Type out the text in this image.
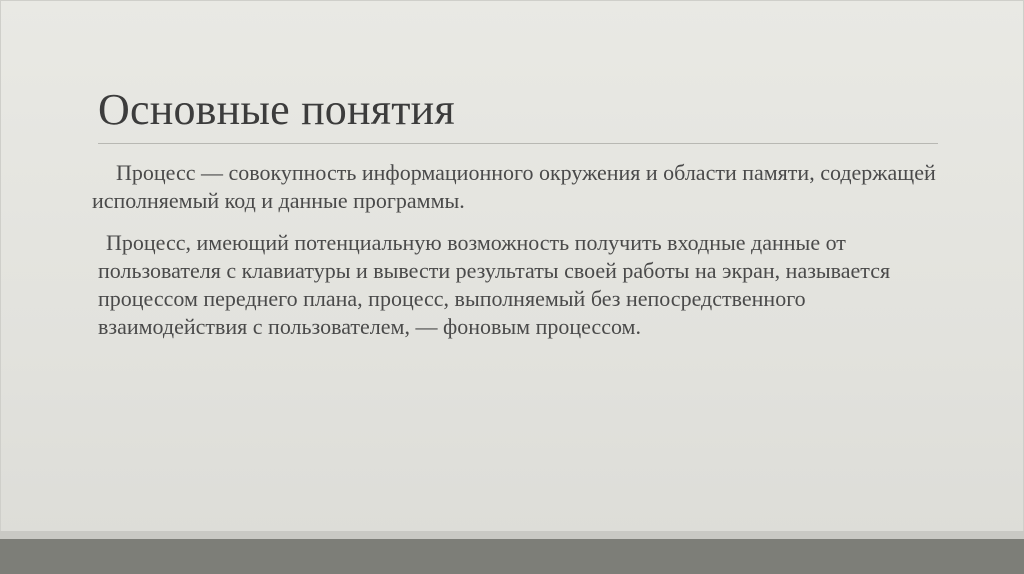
Основные понятия

Процесс — совокупность информационного окружения и области памяти, содержащей исполняемый код и данные программы.

Процесс, имеющий потенциальную возможность получить входные данные от пользователя с клавиатуры и вывести результаты своей работы на экран, называется процессом переднего плана, процесс, выполняемый без непосредственного взаимодействия с пользователем, — фоновым процессом.
